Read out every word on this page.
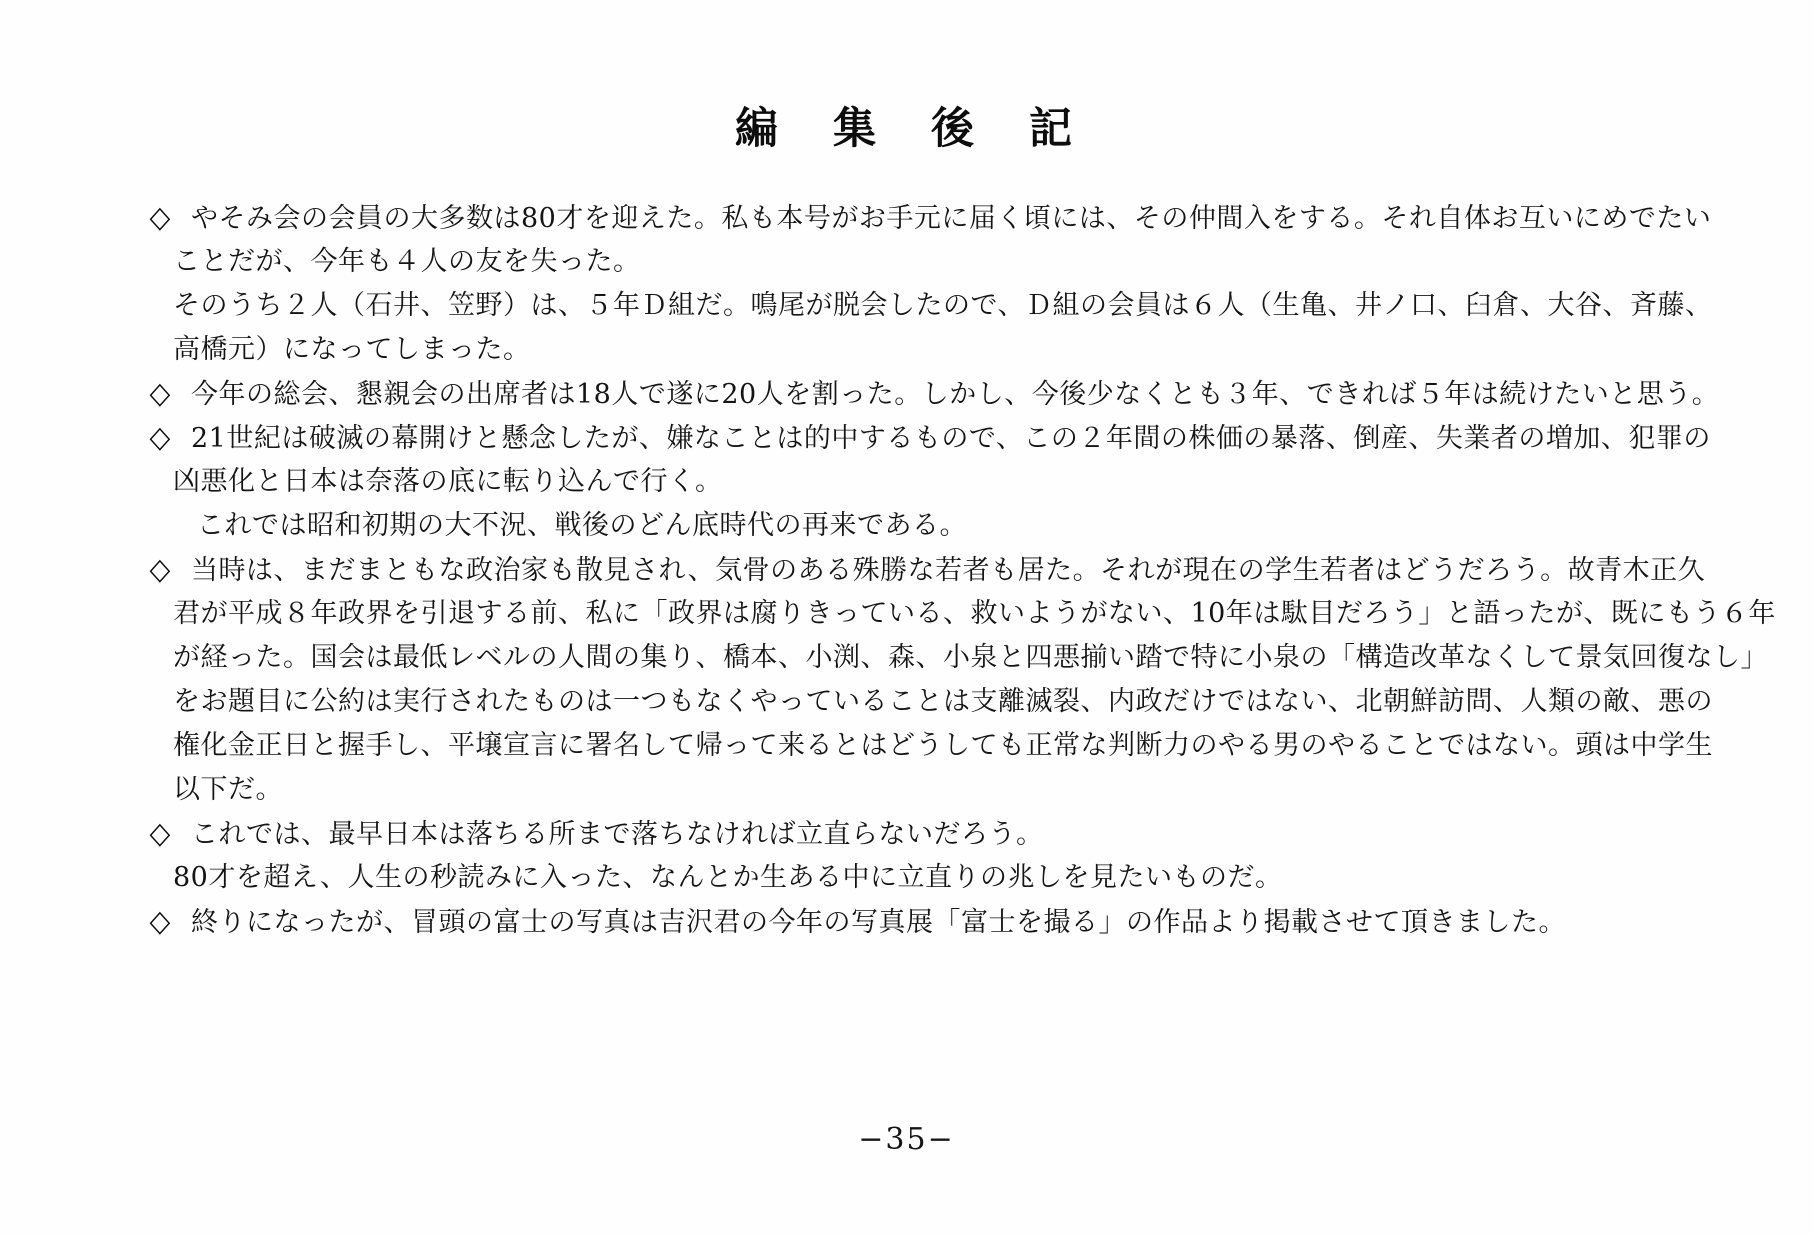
編　集　後　記
◇ やそみ会の会員の大多数は80才を迎えた。私も本号がお手元に届く頃には、その仲間入をする。それ自体お互いにめでたい
ことだが、今年も４人の友を失った。
そのうち２人（石井、笠野）は、５年Ｄ組だ。鳴尾が脱会したので、Ｄ組の会員は６人（生亀、井ノ口、臼倉、大谷、斉藤、
高橋元）になってしまった。
◇ 今年の総会、懇親会の出席者は18人で遂に20人を割った。しかし、今後少なくとも３年、できれば５年は続けたいと思う。
◇ 21世紀は破滅の幕開けと懸念したが、嫌なことは的中するもので、この２年間の株価の暴落、倒産、失業者の増加、犯罪の
凶悪化と日本は奈落の底に転り込んで行く。
これでは昭和初期の大不況、戦後のどん底時代の再来である。
◇ 当時は、まだまともな政治家も散見され、気骨のある殊勝な若者も居た。それが現在の学生若者はどうだろう。故青木正久
君が平成８年政界を引退する前、私に「政界は腐りきっている、救いようがない、10年は駄目だろう」と語ったが、既にもう６年
が経った。国会は最低レベルの人間の集り、橋本、小渕、森、小泉と四悪揃い踏で特に小泉の「構造改革なくして景気回復なし」
をお題目に公約は実行されたものは一つもなくやっていることは支離滅裂、内政だけではない、北朝鮮訪問、人類の敵、悪の
権化金正日と握手し、平壌宣言に署名して帰って来るとはどうしても正常な判断力のやる男のやることではない。頭は中学生
以下だ。
◇ これでは、最早日本は落ちる所まで落ちなければ立直らないだろう。
80才を超え、人生の秒読みに入った、なんとか生ある中に立直りの兆しを見たいものだ。
◇ 終りになったが、冒頭の富士の写真は吉沢君の今年の写真展「富士を撮る」の作品より掲載させて頂きました。
−35−
